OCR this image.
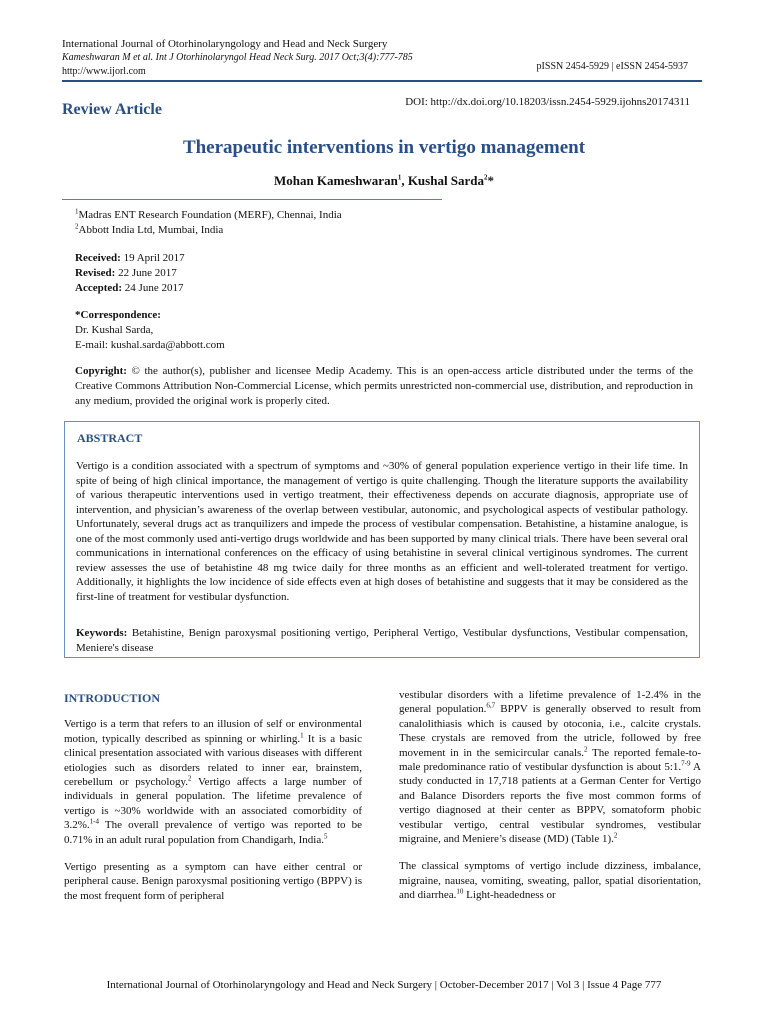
International Journal of Otorhinolaryngology and Head and Neck Surgery
Kameshwaran M et al. Int J Otorhinolaryngol Head Neck Surg. 2017 Oct;3(4):777-785
http://www.ijorl.com	pISSN 2454-5929 | eISSN 2454-5937
Review Article	DOI: http://dx.doi.org/10.18203/issn.2454-5929.ijohns20174311
Therapeutic interventions in vertigo management
Mohan Kameshwaran$^1$, Kushal Sarda$^2$*
$^1$Madras ENT Research Foundation (MERF), Chennai, India
$^2$Abbott India Ltd, Mumbai, India
Received: 19 April 2017
Revised: 22 June 2017
Accepted: 24 June 2017
*Correspondence:
Dr. Kushal Sarda,
E-mail: kushal.sarda@abbott.com
Copyright: © the author(s), publisher and licensee Medip Academy. This is an open-access article distributed under the terms of the Creative Commons Attribution Non-Commercial License, which permits unrestricted non-commercial use, distribution, and reproduction in any medium, provided the original work is properly cited.
ABSTRACT
Vertigo is a condition associated with a spectrum of symptoms and ~30% of general population experience vertigo in their life time. In spite of being of high clinical importance, the management of vertigo is quite challenging. Though the literature supports the availability of various therapeutic interventions used in vertigo treatment, their effectiveness depends on accurate diagnosis, appropriate use of intervention, and physician’s awareness of the overlap between vestibular, autonomic, and psychological aspects of vestibular pathology. Unfortunately, several drugs act as tranquilizers and impede the process of vestibular compensation. Betahistine, a histamine analogue, is one of the most commonly used anti-vertigo drugs worldwide and has been supported by many clinical trials. There have been several oral communications in international conferences on the efficacy of using betahistine in several clinical vertiginous syndromes. The current review assesses the use of betahistine 48 mg twice daily for three months as an efficient and well-tolerated treatment for vertigo. Additionally, it highlights the low incidence of side effects even at high doses of betahistine and suggests that it may be considered as the first-line of treatment for vestibular dysfunction.
Keywords: Betahistine, Benign paroxysmal positioning vertigo, Peripheral Vertigo, Vestibular dysfunctions, Vestibular compensation, Meniere's disease
INTRODUCTION

Vertigo is a term that refers to an illusion of self or environmental motion, typically described as spinning or whirling.$^1$ It is a basic clinical presentation associated with various diseases with different etiologies such as disorders related to inner ear, brainstem, cerebellum or psychology.$^2$ Vertigo affects a large number of individuals in general population. The lifetime prevalence of vertigo is ~30% worldwide with an associated comorbidity of 3.2%.$^{1-4}$ The overall prevalence of vertigo was reported to be 0.71% in an adult rural population from Chandigarh, India.$^5$

Vertigo presenting as a symptom can have either central or peripheral cause. Benign paroxysmal positioning vertigo (BPPV) is the most frequent form of peripheral

vestibular disorders with a lifetime prevalence of 1-2.4% in the general population.$^{6,7}$ BPPV is generally observed to result from canalolithiasis which is caused by otoconia, i.e., calcite crystals. These crystals are removed from the utricle, followed by free movement in in the semicircular canals.$^2$ The reported female-to-male predominance ratio of vestibular dysfunction is about 5:1.$^{7-9}$ A study conducted in 17,718 patients at a German Center for Vertigo and Balance Disorders reports the five most common forms of vertigo diagnosed at their center as BPPV, somatoform phobic vestibular vertigo, central vestibular syndromes, vestibular migraine, and Meniere’s disease (MD) (Table 1).$^2$

The classical symptoms of vertigo include dizziness, imbalance, migraine, nausea, vomiting, sweating, pallor, spatial disorientation, and diarrhea.$^{10}$ Light-headedness or

International Journal of Otorhinolaryngology and Head and Neck Surgery | October-December 2017 | Vol 3 | Issue 4 Page 777
